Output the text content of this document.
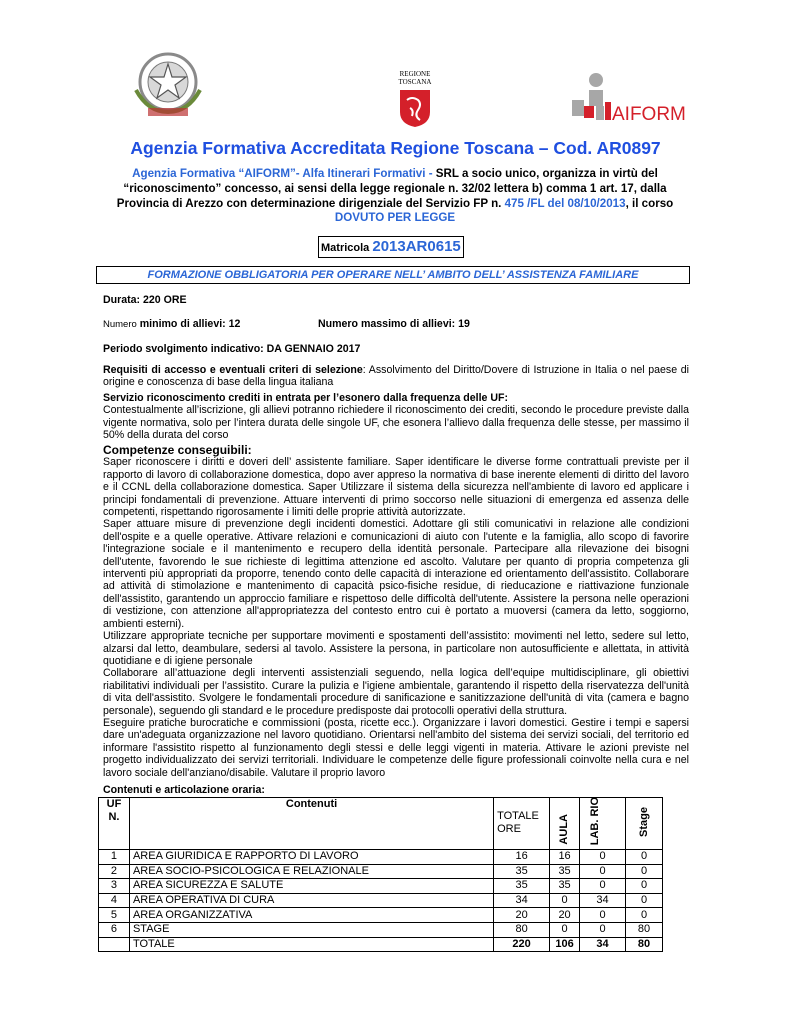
REGIONE
TOSCANA
AIFORM
Agenzia Formativa Accreditata Regione Toscana – Cod. AR0897
Agenzia Formativa “AIFORM”- Alfa Itinerari Formativi - SRL a socio unico, organizza in virtù del “riconoscimento” concesso, ai sensi della legge regionale n. 32/02 lettera b) comma 1 art. 17, dalla Provincia di Arezzo con determinazione dirigenziale del Servizio FP n. 475 /FL del 08/10/2013, il corso DOVUTO PER LEGGE
Matricola 2013AR0615
FORMAZIONE OBBLIGATORIA PER OPERARE NELL’ AMBITO DELL’ ASSISTENZA FAMILIARE
Durata: 220 ORE
Numero minimo di allievi: 12	Numero massimo di allievi: 19
Periodo svolgimento indicativo: DA GENNAIO 2017
Requisiti di accesso e eventuali criteri di selezione: Assolvimento del Diritto/Dovere di Istruzione in Italia o nel paese di origine e conoscenza di base della lingua italiana
Servizio riconoscimento crediti in entrata per l’esonero dalla frequenza delle UF:

Contestualmente all’iscrizione, gli allievi potranno richiedere il riconoscimento dei crediti, secondo le procedure previste dalla vigente normativa, solo per l’intera durata delle singole UF, che esonera l’allievo dalla frequenza delle stesse, per massimo il 50% della durata del corso

Competenze conseguibili:

Saper riconoscere i diritti e doveri dell’ assistente familiare. Saper identificare le diverse forme contrattuali previste per il rapporto di lavoro di collaborazione domestica, dopo aver appreso la normativa di base inerente elementi di diritto del lavoro e il CCNL della collaborazione domestica. Saper Utilizzare il sistema della sicurezza nell'ambiente di lavoro ed applicare i principi fondamentali di prevenzione. Attuare interventi di primo soccorso nelle situazioni di emergenza ed assenza delle competenti, rispettando rigorosamente i limiti delle proprie attività autorizzate.

Saper attuare misure di prevenzione degli incidenti domestici. Adottare gli stili comunicativi in relazione alle condizioni dell'ospite e a quelle operative. Attivare relazioni e comunicazioni di aiuto con l'utente e la famiglia, allo scopo di favorire l'integrazione sociale e il mantenimento e recupero della identità personale. Partecipare alla rilevazione dei bisogni dell'utente, favorendo le sue richieste di legittima attenzione ed ascolto. Valutare per quanto di propria competenza gli interventi più appropriati da proporre, tenendo conto delle capacità di interazione ed orientamento dell'assistito. Collaborare ad attività di stimolazione e mantenimento di capacità psico-fisiche residue, di rieducazione e riattivazione funzionale dell'assistito, garantendo un approccio familiare e rispettoso delle difficoltà dell'utente. Assistere la persona nelle operazioni di vestizione, con attenzione all'appropriatezza del contesto entro cui è portato a muoversi (camera da letto, soggiorno, ambienti esterni).

Utilizzare appropriate tecniche per supportare movimenti e spostamenti dell’assistito: movimenti nel letto, sedere sul letto, alzarsi dal letto, deambulare, sedersi al tavolo. Assistere la persona, in particolare non autosufficiente e allettata, in attività quotidiane e di igiene personale

Collaborare all’attuazione degli interventi assistenziali seguendo, nella logica dell’equipe multidisciplinare, gli obiettivi riabilitativi individuali per l’assistito. Curare la pulizia e l'igiene ambientale, garantendo il rispetto della riservatezza dell'unità di vita dell'assistito. Svolgere le fondamentali procedure di sanificazione e sanitizzazione dell'unità di vita (camera e bagno personale), seguendo gli standard e le procedure predisposte dai protocolli operativi della struttura.

Eseguire pratiche burocratiche e commissioni (posta, ricette ecc.). Organizzare i lavori domestici. Gestire i tempi e sapersi dare un'adeguata organizzazione nel lavoro quotidiano. Orientarsi nell'ambito del sistema dei servizi sociali, del territorio ed informare l'assistito rispetto al funzionamento degli stessi e delle leggi vigenti in materia. Attivare le azioni previste nel progetto individualizzato dei servizi territoriali. Individuare le competenze delle figure professionali coinvolte nella cura e nel lavoro sociale dell'anziano/disabile. Valutare il proprio lavoro

Contenuti e articolazione oraria:
UF N.	Contenuti	TOTALE ORE	AULA	LAB. RIO	Stage
1	AREA GIURIDICA E RAPPORTO DI LAVORO	16	16	0	0
2	AREA SOCIO-PSICOLOGICA E RELAZIONALE	35	35	0	0
3	AREA SICUREZZA E SALUTE	35	35	0	0
4	AREA OPERATIVA DI CURA	34	0	34	0
5	AREA ORGANIZZATIVA	20	20	0	0
6	STAGE	80	0	0	80
	TOTALE	220	106	34	80
